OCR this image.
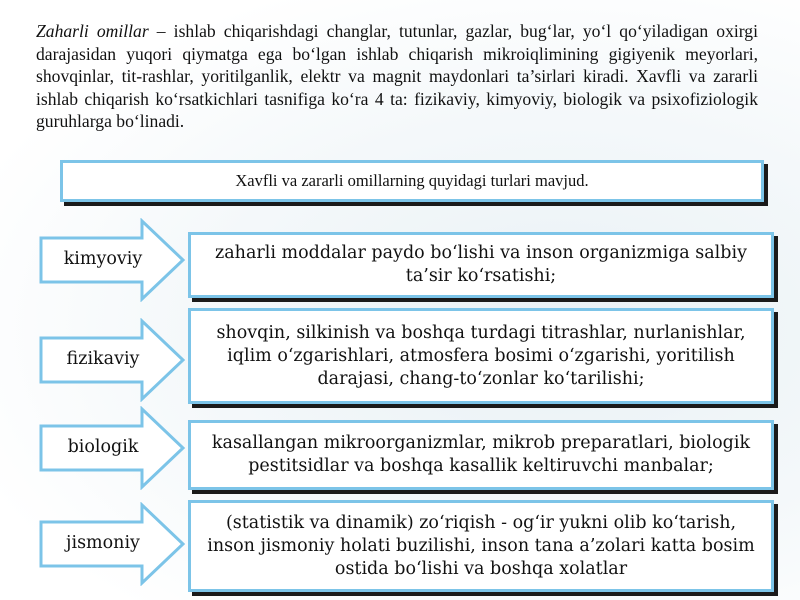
Zaharli omillar – ishlab chiqarishdagi changlar, tutunlar, gazlar, bug‘lar, yo‘l qo‘yiladigan oxirgi darajasidan yuqori qiymatga ega bo‘lgan ishlab chiqarish mikroiqlimining gigiyenik meyorlari, shovqinlar, tit-rashlar, yoritilganlik, elektr va magnit maydonlari ta’sirlari kiradi. Xavfli va zararli ishlab chiqarish ko‘rsatkichlari tasnifiga ko‘ra 4 ta: fizikaviy, kimyoviy, biologik va psixofiziologik guruhlarga bo‘linadi.

Xavfli va zararli omillarning quyidagi turlari mavjud.
kimyoviy	zaharli moddalar paydo bo‘lishi va inson organizmiga salbiy ta’sir ko‘rsatishi;
fizikaviy
shovqin, silkinish va boshqa turdagi titrashlar, nurlanishlar, iqlim o‘zgarishlari, atmosfera bosimi o‘zgarishi, yoritilish darajasi, chang-to‘zonlar ko‘tarilishi;
biologik	kasallangan mikroorganizmlar, mikrob preparatlari, biologik pestitsidlar va boshqa kasallik keltiruvchi manbalar;
jismoniy
(statistik va dinamik) zo‘riqish - og‘ir yukni olib ko‘tarish, inson jismoniy holati buzilishi, inson tana a’zolari katta bosim ostida bo‘lishi va boshqa xolatlar
